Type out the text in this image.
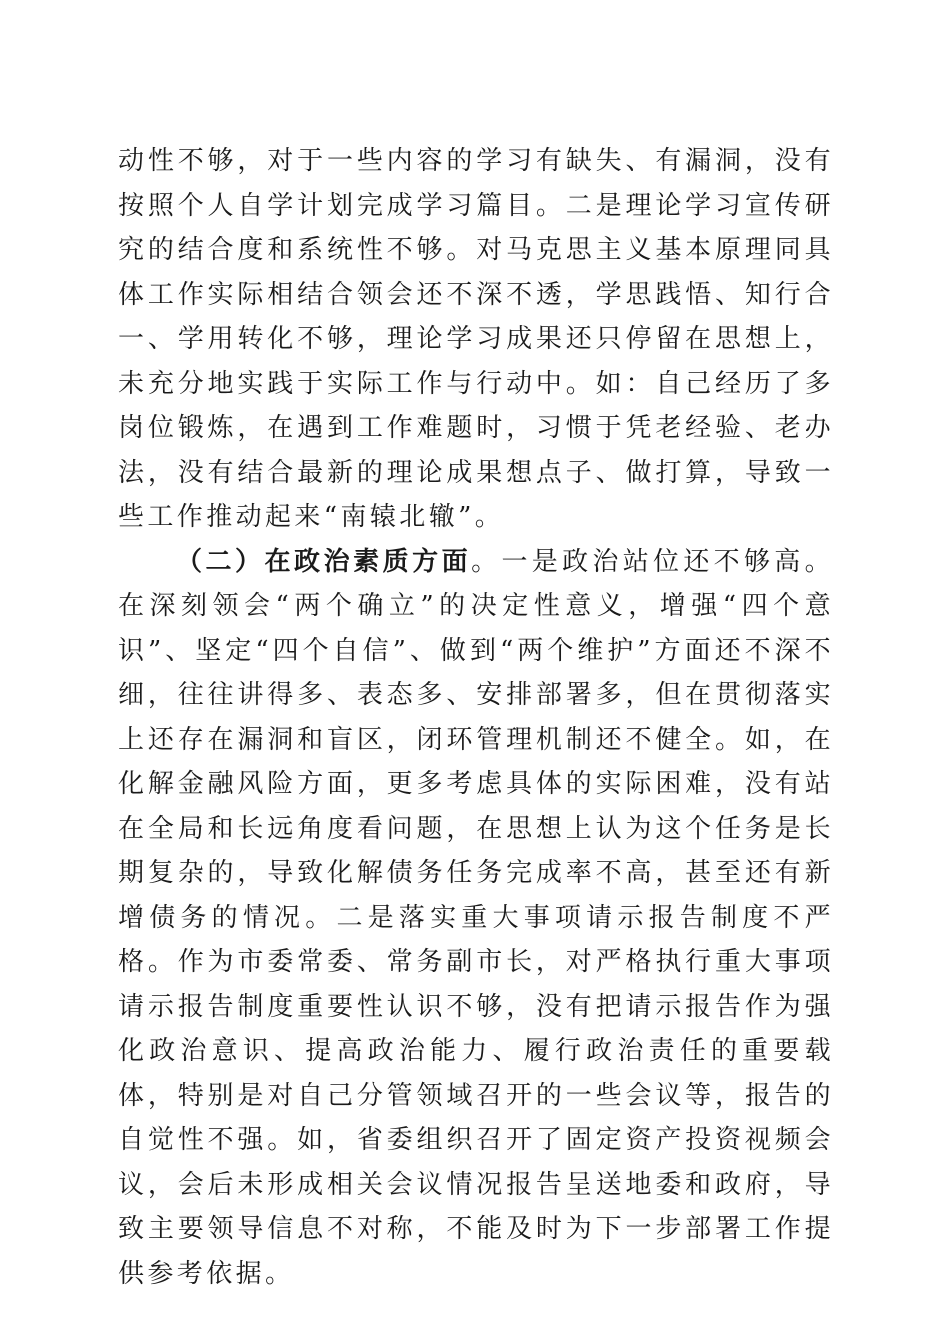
动性不够，对于一些内容的学习有缺失、有漏洞，没有按照个人自学计划完成学习篇目。二是理论学习宣传研究的结合度和系统性不够。对马克思主义基本原理同具体工作实际相结合领会还不深不透，学思践悟、知行合一、学用转化不够，理论学习成果还只停留在思想上，未充分地实践于实际工作与行动中。如：自己经历了多岗位锻炼，在遇到工作难题时，习惯于凭老经验、老办法，没有结合最新的理论成果想点子、做打算，导致一些工作推动起来“南辕北辙”。

（二）在政治素质方面。一是政治站位还不够高。在深刻领会“两个确立”的决定性意义，增强“四个意识”、坚定“四个自信”、做到“两个维护”方面还不深不细，往往讲得多、表态多、安排部署多，但在贯彻落实上还存在漏洞和盲区，闭环管理机制还不健全。如，在化解金融风险方面，更多考虑具体的实际困难，没有站在全局和长远角度看问题，在思想上认为这个任务是长期复杂的，导致化解债务任务完成率不高，甚至还有新增债务的情况。二是落实重大事项请示报告制度不严格。作为市委常委、常务副市长，对严格执行重大事项请示报告制度重要性认识不够，没有把请示报告作为强化政治意识、提高政治能力、履行政治责任的重要载体，特别是对自己分管领域召开的一些会议等，报告的自觉性不强。如，省委组织召开了固定资产投资视频会议，会后未形成相关会议情况报告呈送地委和政府，导致主要领导信息不对称，不能及时为下一步部署工作提供参考依据。
